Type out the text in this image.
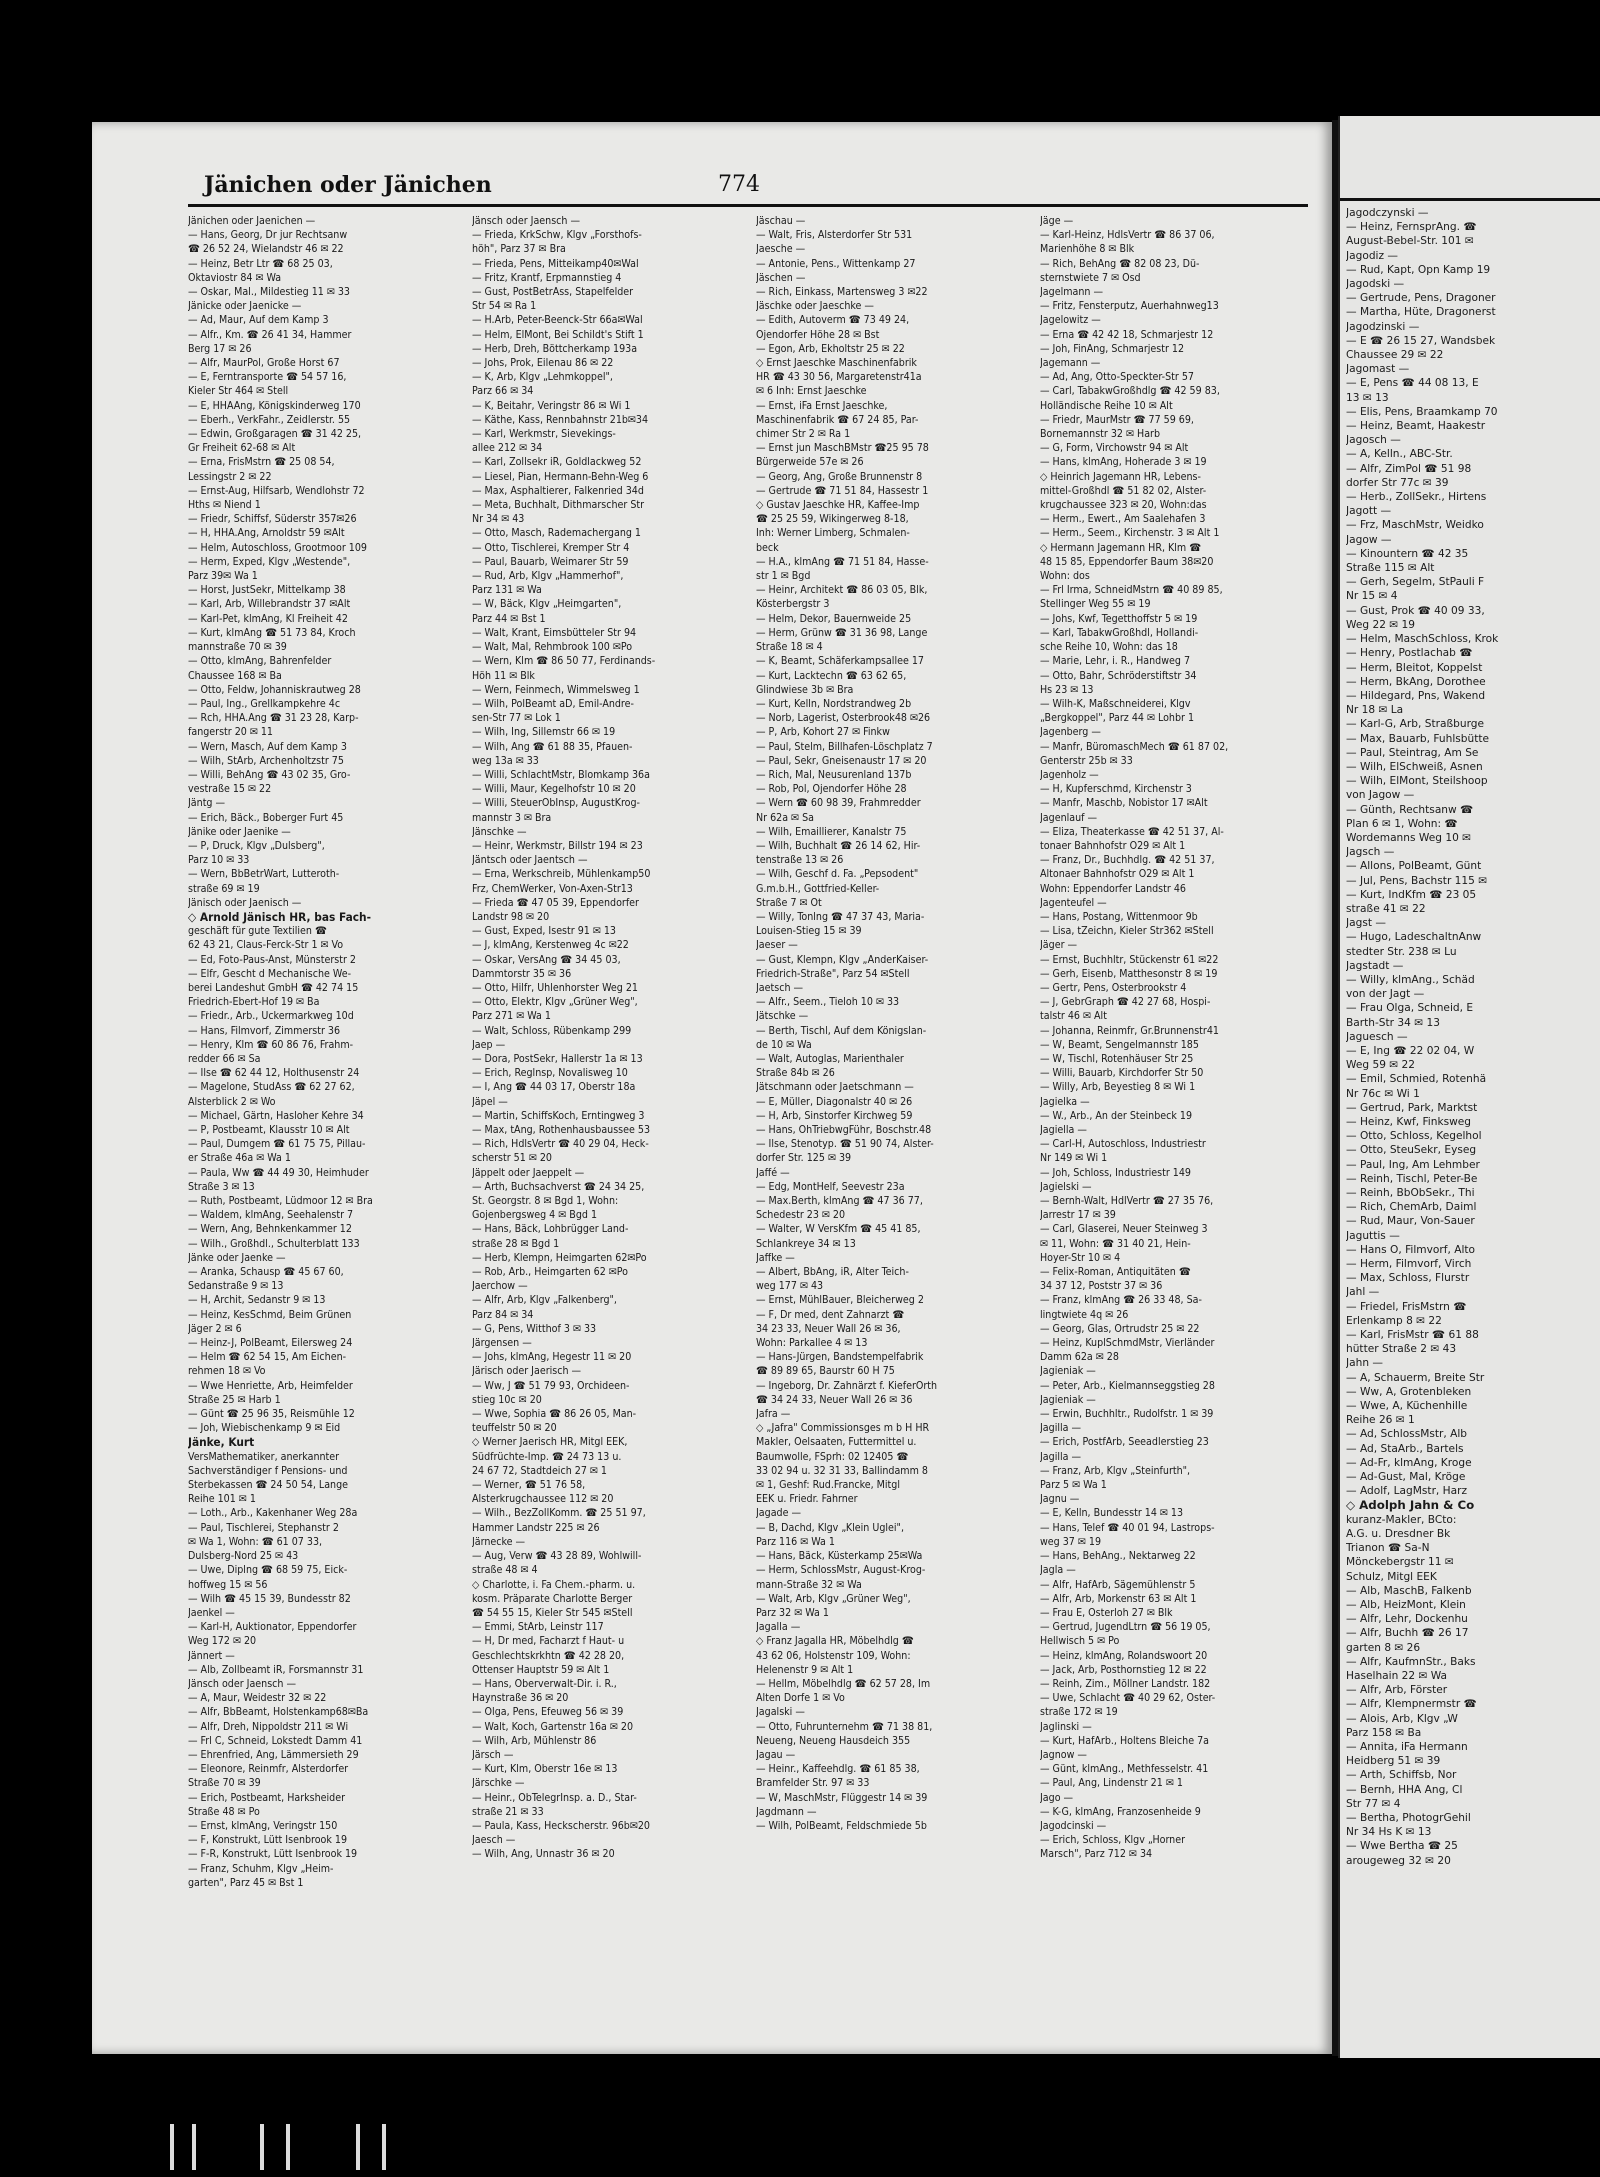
Jänichen oder Jänichen	774
Jänichen oder Jaenichen —
— Hans, Georg, Dr jur Rechtsanw
☎ 26 52 24, Wielandstr 46 ✉ 22
— Heinz, Betr Ltr ☎ 68 25 03,
Oktaviostr 84 ✉ Wa
— Oskar, Mal., Mildestieg 11 ✉ 33
Jänicke oder Jaenicke —
— Ad, Maur, Auf dem Kamp 3
— Alfr., Km. ☎ 26 41 34, Hammer
Berg 17 ✉ 26
— Alfr, MaurPol, Große Horst 67
— E, Ferntransporte ☎ 54 57 16,
Kieler Str 464 ✉ Stell
— E, HHAAng, Königskinderweg 170
— Eberh., VerkFahr., Zeidlerstr. 55
— Edwin, Großgaragen ☎ 31 42 25,
Gr Freiheit 62-68 ✉ Alt
— Erna, FrisMstrn ☎ 25 08 54,
Lessingstr 2 ✉ 22
— Ernst-Aug, Hilfsarb, Wendlohstr 72
Hths ✉ Niend 1
— Friedr, Schiffsf, Süderstr 357✉26
— H, HHA.Ang, Arnoldstr 59 ✉Alt
— Helm, Autoschloss, Grootmoor 109
— Herm, Exped, Klgv „Westende",
Parz 39✉ Wa 1
— Horst, JustSekr, Mittelkamp 38
— Karl, Arb, Willebrandstr 37 ✉Alt
— Karl-Pet, klmAng, Kl Freiheit 42
— Kurt, klmAng ☎ 51 73 84, Kroch
mannstraße 70 ✉ 39
— Otto, klmAng, Bahrenfelder
Chaussee 168 ✉ Ba
— Otto, Feldw, Johanniskrautweg 28
— Paul, Ing., Grellkampkehre 4c
— Rch, HHA.Ang ☎ 31 23 28, Karp-
fangerstr 20 ✉ 11
— Wern, Masch, Auf dem Kamp 3
— Wilh, StArb, Archenholtzstr 75
— Willi, BehAng ☎ 43 02 35, Gro-
vestraße 15 ✉ 22
Jäntg —
— Erich, Bäck., Boberger Furt 45
Jänike oder Jaenike —
— P, Druck, Klgv „Dulsberg",
Parz 10 ✉ 33
— Wern, BbBetrWart, Lutteroth-
straße 69 ✉ 19
Jänisch oder Jaenisch —
◇ Arnold Jänisch HR, bas Fach-
geschäft für gute Textilien ☎
62 43 21, Claus-Ferck-Str 1 ✉ Vo
— Ed, Foto-Paus-Anst, Münsterstr 2
— Elfr, Gescht d Mechanische We-
berei Landeshut GmbH ☎ 42 74 15
Friedrich-Ebert-Hof 19 ✉ Ba
— Friedr., Arb., Uckermarkweg 10d
— Hans, Filmvorf, Zimmerstr 36
— Henry, Klm ☎ 60 86 76, Frahm-
redder 66 ✉ Sa
— Ilse ☎ 62 44 12, Holthusenstr 24
— Magelone, StudAss ☎ 62 27 62,
Alsterblick 2 ✉ Wo
— Michael, Gärtn, Hasloher Kehre 34
— P, Postbeamt, Klausstr 10 ✉ Alt
— Paul, Dumgem ☎ 61 75 75, Pillau-
er Straße 46a ✉ Wa 1
— Paula, Ww ☎ 44 49 30, Heimhuder
Straße 3 ✉ 13
— Ruth, Postbeamt, Lüdmoor 12 ✉ Bra
— Waldem, klmAng, Seehalenstr 7
— Wern, Ang, Behnkenkammer 12
— Wilh., Großhdl., Schulterblatt 133
Jänke oder Jaenke —
— Aranka, Schausp ☎ 45 67 60,
Sedanstraße 9 ✉ 13
— H, Archit, Sedanstr 9 ✉ 13
— Heinz, KesSchmd, Beim Grünen
Jäger 2 ✉ 6
— Heinz-J, PolBeamt, Eilersweg 24
— Helm ☎ 62 54 15, Am Eichen-
rehmen 18 ✉ Vo
— Wwe Henriette, Arb, Heimfelder
Straße 25 ✉ Harb 1
— Günt ☎ 25 96 35, Reismühle 12
— Joh, Wiebischenkamp 9 ✉ Eid
Jänke, Kurt
VersMathematiker, anerkannter
Sachverständiger f Pensions- und
Sterbekassen ☎ 24 50 54, Lange
Reihe 101 ✉ 1
— Loth., Arb., Kakenhaner Weg 28a
— Paul, Tischlerei, Stephanstr 2
✉ Wa 1, Wohn: ☎ 61 07 33,
Dulsberg-Nord 25 ✉ 43
— Uwe, Diplng ☎ 68 59 75, Eick-
hoffweg 15 ✉ 56
— Wilh ☎ 45 15 39, Bundesstr 82
Jaenkel —
— Karl-H, Auktionator, Eppendorfer
Weg 172 ✉ 20
Jännert —
— Alb, Zollbeamt iR, Forsmannstr 31
Jänsch oder Jaensch —
— A, Maur, Weidestr 32 ✉ 22
— Alfr, BbBeamt, Holstenkamp68✉Ba
— Alfr, Dreh, Nippoldstr 211 ✉ Wi
— Frl C, Schneid, Lokstedt Damm 41
— Ehrenfried, Ang, Lämmersieth 29
— Eleonore, Reinmfr, Alsterdorfer
Straße 70 ✉ 39
— Erich, Postbeamt, Harksheider
Straße 48 ✉ Po
— Ernst, klmAng, Veringstr 150
— F, Konstrukt, Lütt Isenbrook 19
— F-R, Konstrukt, Lütt Isenbrook 19
— Franz, Schuhm, Klgv „Heim-
garten", Parz 45 ✉ Bst 1
Jänsch oder Jaensch —
— Frieda, KrkSchw, Klgv „Forsthofs-
höh", Parz 37 ✉ Bra
— Frieda, Pens, Mitteikamp40✉Wal
— Fritz, Krantf, Erpmannstieg 4
— Gust, PostBetrAss, Stapelfelder
Str 54 ✉ Ra 1
— H.Arb, Peter-Beenck-Str 66a✉Wal
— Helm, ElMont, Bei Schildt's Stift 1
— Herb, Dreh, Böttcherkamp 193a
— Johs, Prok, Eilenau 86 ✉ 22
— K, Arb, Klgv „Lehmkoppel",
Parz 66 ✉ 34
— K, Beitahr, Veringstr 86 ✉ Wi 1
— Käthe, Kass, Rennbahnstr 21b✉34
— Karl, Werkmstr, Sievekings-
allee 212 ✉ 34
— Karl, Zollsekr iR, Goldlackweg 52
— Liesel, Pian, Hermann-Behn-Weg 6
— Max, Asphaltierer, Falkenried 34d
— Meta, Buchhalt, Dithmarscher Str
Nr 34 ✉ 43
— Otto, Masch, Rademachergang 1
— Otto, Tischlerei, Kremper Str 4
— Paul, Bauarb, Weimarer Str 59
— Rud, Arb, Klgv „Hammerhof",
Parz 131 ✉ Wa
— W, Bäck, Klgv „Heimgarten",
Parz 44 ✉ Bst 1
— Walt, Krant, Eimsbütteler Str 94
— Walt, Mal, Rehmbrook 100 ✉Po
— Wern, Klm ☎ 86 50 77, Ferdinands-
Höh 11 ✉ Blk
— Wern, Feinmech, Wimmelsweg 1
— Wilh, PolBeamt aD, Emil-Andre-
sen-Str 77 ✉ Lok 1
— Wilh, Ing, Sillemstr 66 ✉ 19
— Wilh, Ang ☎ 61 88 35, Pfauen-
weg 13a ✉ 33
— Willi, SchlachtMstr, Blomkamp 36a
— Willi, Maur, Kegelhofstr 10 ✉ 20
— Willi, SteuerObInsp, AugustKrog-
mannstr 3 ✉ Bra
Jänschke —
— Heinr, Werkmstr, Billstr 194 ✉ 23
Jäntsch oder Jaentsch —
— Erna, Werkschreib, Mühlenkamp50
Frz, ChemWerker, Von-Axen-Str13
— Frieda ☎ 47 05 39, Eppendorfer
Landstr 98 ✉ 20
— Gust, Exped, Isestr 91 ✉ 13
— J, klmAng, Kerstenweg 4c ✉22
— Oskar, VersAng ☎ 34 45 03,
Dammtorstr 35 ✉ 36
— Otto, Hilfr, Uhlenhorster Weg 21
— Otto, Elektr, Klgv „Grüner Weg",
Parz 271 ✉ Wa 1
— Walt, Schloss, Rübenkamp 299
Jaep —
— Dora, PostSekr, Hallerstr 1a ✉ 13
— Erich, Reglnsp, Novalisweg 10
— I, Ang ☎ 44 03 17, Oberstr 18a
Jäpel —
— Martin, SchiffsKoch, Erntingweg 3
— Max, tAng, Rothenhausbaussee 53
— Rich, HdlsVertr ☎ 40 29 04, Heck-
scherstr 51 ✉ 20
Jäppelt oder Jaeppelt —
— Arth, Buchsachverst ☎ 24 34 25,
St. Georgstr. 8 ✉ Bgd 1, Wohn:
Gojenbergsweg 4 ✉ Bgd 1
— Hans, Bäck, Lohbrügger Land-
straße 28 ✉ Bgd 1
— Herb, Klempn, Heimgarten 62✉Po
— Rob, Arb., Heimgarten 62 ✉Po
Jaerchow —
— Alfr, Arb, Klgv „Falkenberg",
Parz 84 ✉ 34
— G, Pens, Witthof 3 ✉ 33
Järgensen —
— Johs, klmAng, Hegestr 11 ✉ 20
Järisch oder Jaerisch —
— Ww, J ☎ 51 79 93, Orchideen-
stieg 10c ✉ 20
— Wwe, Sophia ☎ 86 26 05, Man-
teuffelstr 50 ✉ 20
◇ Werner Jaerisch HR, Mitgl EEK,
Südfrüchte-Imp. ☎ 24 73 13 u.
24 67 72, Stadtdeich 27 ✉ 1
— Werner, ☎ 51 76 58,
Alsterkrugchaussee 112 ✉ 20
— Wilh., BezZollKomm. ☎ 25 51 97,
Hammer Landstr 225 ✉ 26
Järnecke —
— Aug, Verw ☎ 43 28 89, Wohlwill-
straße 48 ✉ 4
◇ Charlotte, i. Fa Chem.-pharm. u.
kosm. Präparate Charlotte Berger
☎ 54 55 15, Kieler Str 545 ✉Stell
— Emmi, StArb, Leinstr 117
— H, Dr med, Facharzt f Haut- u
Geschlechtskrkhtn ☎ 42 28 20,
Ottenser Hauptstr 59 ✉ Alt 1
— Hans, Oberverwalt-Dir. i. R.,
Haynstraße 36 ✉ 20
— Olga, Pens, Efeuweg 56 ✉ 39
— Walt, Koch, Gartenstr 16a ✉ 20
— Wilh, Arb, Mühlenstr 86
Järsch —
— Kurt, Klm, Oberstr 16e ✉ 13
Järschke —
— Heinr., ObTelegrInsp. a. D., Star-
straße 21 ✉ 33
— Paula, Kass, Heckscherstr. 96b✉20
Jaesch —
— Wilh, Ang, Unnastr 36 ✉ 20
Jäschau —
— Walt, Fris, Alsterdorfer Str 531
Jaesche —
— Antonie, Pens., Wittenkamp 27
Jäschen —
— Rich, Einkass, Martensweg 3 ✉22
Jäschke oder Jaeschke —
— Edith, Autoverm ☎ 73 49 24,
Ojendorfer Höhe 28 ✉ Bst
— Egon, Arb, Ekholtstr 25 ✉ 22
◇ Ernst Jaeschke Maschinenfabrik
HR ☎ 43 30 56, Margaretenstr41a
✉ 6 Inh: Ernst Jaeschke
— Ernst, iFa Ernst Jaeschke,
Maschinenfabrik ☎ 67 24 85, Par-
chimer Str 2 ✉ Ra 1
— Ernst jun MaschBMstr ☎25 95 78
Bürgerweide 57e ✉ 26
— Georg, Ang, Große Brunnenstr 8
— Gertrude ☎ 71 51 84, Hassestr 1
◇ Gustav Jaeschke HR, Kaffee-Imp
☎ 25 25 59, Wikingerweg 8-18,
Inh: Werner Limberg, Schmalen-
beck
— H.A., klmAng ☎ 71 51 84, Hasse-
str 1 ✉ Bgd
— Heinr, Architekt ☎ 86 03 05, Blk,
Kösterbergstr 3
— Helm, Dekor, Bauernweide 25
— Herm, Grünw ☎ 31 36 98, Lange
Straße 18 ✉ 4
— K, Beamt, Schäferkampsallee 17
— Kurt, Lacktechn ☎ 63 62 65,
Glindwiese 3b ✉ Bra
— Kurt, Kelln, Nordstrandweg 2b
— Norb, Lagerist, Osterbrook48 ✉26
— P, Arb, Kohort 27 ✉ Finkw
— Paul, Stelm, Billhafen-Löschplatz 7
— Paul, Sekr, Gneisenaustr 17 ✉ 20
— Rich, Mal, Neusurenland 137b
— Rob, Pol, Ojendorfer Höhe 28
— Wern ☎ 60 98 39, Frahmredder
Nr 62a ✉ Sa
— Wilh, Emaillierer, Kanalstr 75
— Wilh, Buchhalt ☎ 26 14 62, Hir-
tenstraße 13 ✉ 26
— Wilh, Geschf d. Fa. „Pepsodent"
G.m.b.H., Gottfried-Keller-
Straße 7 ✉ Ot
— Willy, Tonlng ☎ 47 37 43, Maria-
Louisen-Stieg 15 ✉ 39
Jaeser —
— Gust, Klempn, Klgv „AnderKaiser-
Friedrich-Straße", Parz 54 ✉Stell
Jaetsch —
— Alfr., Seem., Tieloh 10 ✉ 33
Jätschke —
— Berth, Tischl, Auf dem Königslan-
de 10 ✉ Wa
— Walt, Autoglas, Marienthaler
Straße 84b ✉ 26
Jätschmann oder Jaetschmann —
— E, Müller, Diagonalstr 40 ✉ 26
— H, Arb, Sinstorfer Kirchweg 59
— Hans, OhTriebwgFühr, Boschstr.48
— Ilse, Stenotyp. ☎ 51 90 74, Alster-
dorfer Str. 125 ✉ 39
Jaffé —
— Edg, MontHelf, Seevestr 23a
— Max.Berth, klmAng ☎ 47 36 77,
Schedestr 23 ✉ 20
— Walter, W VersKfm ☎ 45 41 85,
Schlankreye 34 ✉ 13
Jaffke —
— Albert, BbAng, iR, Alter Teich-
weg 177 ✉ 43
— Ernst, MühlBauer, Bleicherweg 2
— F, Dr med, dent Zahnarzt ☎
34 23 33, Neuer Wall 26 ✉ 36,
Wohn: Parkallee 4 ✉ 13
— Hans-Jürgen, Bandstempelfabrik
☎ 89 89 65, Baurstr 60 H 75
— Ingeborg, Dr. Zahnärzt f. KieferOrth
☎ 34 24 33, Neuer Wall 26 ✉ 36
Jafra —
◇ „Jafra" Commissionsges m b H HR
Makler, Oelsaaten, Futtermittel u.
Baumwolle, FSprh: 02 12405 ☎
33 02 94 u. 32 31 33, Ballindamm 8
✉ 1, Geshf: Rud.Francke, Mitgl
EEK u. Friedr. Fahrner
Jagade —
— B, Dachd, Klgv „Klein Uglei",
Parz 116 ✉ Wa 1
— Hans, Bäck, Küsterkamp 25✉Wa
— Herm, SchlossMstr, August-Krog-
mann-Straße 32 ✉ Wa
— Walt, Arb, Klgv „Grüner Weg",
Parz 32 ✉ Wa 1
Jagalla —
◇ Franz Jagalla HR, Möbelhdlg ☎
43 62 06, Holstenstr 109, Wohn:
Helenenstr 9 ✉ Alt 1
— Hellm, Möbelhdlg ☎ 62 57 28, Im
Alten Dorfe 1 ✉ Vo
Jagalski —
— Otto, Fuhrunternehm ☎ 71 38 81,
Neueng, Neueng Hausdeich 355
Jagau —
— Heinr., Kaffeehdlg. ☎ 61 85 38,
Bramfelder Str. 97 ✉ 33
— W, MaschMstr, Flüggestr 14 ✉ 39
Jagdmann —
— Wilh, PolBeamt, Feldschmiede 5b
Jäge —
— Karl-Heinz, HdlsVertr ☎ 86 37 06,
Marienhöhe 8 ✉ Blk
— Rich, BehAng ☎ 82 08 23, Dü-
sternstwiete 7 ✉ Osd
Jagelmann —
— Fritz, Fensterputz, Auerhahnweg13
Jagelowitz —
— Erna ☎ 42 42 18, Schmarjestr 12
— Joh, FinAng, Schmarjestr 12
Jagemann —
— Ad, Ang, Otto-Speckter-Str 57
— Carl, TabakwGroßhdlg ☎ 42 59 83,
Holländische Reihe 10 ✉ Alt
— Friedr, MaurMstr ☎ 77 59 69,
Bornemannstr 32 ✉ Harb
— G, Form, Virchowstr 94 ✉ Alt
— Hans, klmAng, Hoheradе 3 ✉ 19
◇ Heinrich Jagemann HR, Lebens-
mittel-Großhdl ☎ 51 82 02, Alster-
krugchaussee 323 ✉ 20, Wohn:das
— Herm., Ewert., Am Saalehafen 3
— Herm., Seem., Kirchenstr. 3 ✉ Alt 1
◇ Hermann Jagemann HR, Klm ☎
48 15 85, Eppendorfer Baum 38✉20
Wohn: dos
— Frl Irma, SchneidMstrn ☎ 40 89 85,
Stellinger Weg 55 ✉ 19
— Johs, Kwf, Tegetthoffstr 5 ✉ 19
— Karl, TabakwGroßhdl, Hollandi-
sche Reihe 10, Wohn: das 18
— Marie, Lehr, i. R., Handweg 7
— Otto, Bahr, Schröderstiftstr 34
Hs 23 ✉ 13
— Wilh-K, Maßschneiderei, Klgv
„Bergkoppel", Parz 44 ✉ Lohbr 1
Jagenberg —
— Manfr, BüromaschMech ☎ 61 87 02,
Genterstr 25b ✉ 33
Jagenholz —
— H, Kupferschmd, Kirchenstr 3
— Manfr, Maschb, Nobistor 17 ✉Alt
Jagenlauf —
— Eliza, Theaterkasse ☎ 42 51 37, Al-
tonaer Bahnhofstr O29 ✉ Alt 1
— Franz, Dr., Buchhdlg. ☎ 42 51 37,
Altonaer Bahnhofstr O29 ✉ Alt 1
Wohn: Eppendorfer Landstr 46
Jagenteufel —
— Hans, Postang, Wittenmoor 9b
— Lisa, tZeichn, Kieler Str362 ✉Stell
Jäger —
— Ernst, Buchhltr, Stückenstr 61 ✉22
— Gerh, Eisenb, Matthesonstr 8 ✉ 19
— Gertr, Pens, Osterbrookstr 4
— J, GebrGraph ☎ 42 27 68, Hospi-
talstr 46 ✉ Alt
— Johanna, Reinmfr, Gr.Brunnenstr41
— W, Beamt, Sengelmannstr 185
— W, Tischl, Rotenhäuser Str 25
— Willi, Bauarb, Kirchdorfer Str 50
— Willy, Arb, Beyestieg 8 ✉ Wi 1
Jagielka —
— W., Arb., An der Steinbeck 19
Jagiella —
— Carl-H, Autoschloss, Industriestr
Nr 149 ✉ Wi 1
— Joh, Schloss, Industriestr 149
Jagielski —
— Bernh-Walt, HdlVertr ☎ 27 35 76,
Jarrestr 17 ✉ 39
— Carl, Glaserei, Neuer Steinweg 3
✉ 11, Wohn: ☎ 31 40 21, Hein-
Hoyer-Str 10 ✉ 4
— Felix-Roman, Antiquitäten ☎
34 37 12, Poststr 37 ✉ 36
— Franz, klmAng ☎ 26 33 48, Sa-
lingtwiete 4q ✉ 26
— Georg, Glas, Ortrudstr 25 ✉ 22
— Heinz, KuplSchmdMstr, Vierländer
Damm 62a ✉ 28
Jagieniak —
— Peter, Arb., Kielmannseggstieg 28
Jagieniak —
— Erwin, Buchhltr., Rudolfstr. 1 ✉ 39
Jagilla —
— Erich, PostfArb, Seeadlerstieg 23
Jagilla —
— Franz, Arb, Klgv „Steinfurth",
Parz 5 ✉ Wa 1
Jagnu —
— E, Kelln, Bundesstr 14 ✉ 13
— Hans, Telef ☎ 40 01 94, Lastrops-
weg 37 ✉ 19
— Hans, BehAng., Nektarweg 22
Jagla —
— Alfr, HafArb, Sägemühlenstr 5
— Alfr, Arb, Morkenstr 63 ✉ Alt 1
— Frau E, Osterloh 27 ✉ Blk
— Gertrud, JugendLtrn ☎ 56 19 05,
Hellwisch 5 ✉ Po
— Heinz, klmAng, Rolandswoort 20
— Jack, Arb, Posthornstieg 12 ✉ 22
— Reinh, Zim., Möllner Landstr. 182
— Uwe, Schlacht ☎ 40 29 62, Oster-
straße 172 ✉ 19
Jaglinski —
— Kurt, HafArb., Holtens Bleiche 7a
Jagnow —
— Günt, klmAng., Methfesselstr. 41
— Paul, Ang, Lindenstr 21 ✉ 1
Jago —
— K-G, klmAng, Franzosenheide 9
Jagodcinski —
— Erich, Schloss, Klgv „Horner
Marsch", Parz 712 ✉ 34
Jagodczynski —
— Heinz, FernsprAng. ☎
August-Bebel-Str. 101 ✉
Jagodiz —
— Rud, Kapt, Opn Kamp 19
Jagodski —
— Gertrude, Pens, Dragoner
— Martha, Hüte, Dragonerst
Jagodzinski —
— E ☎ 26 15 27, Wandsbek
Chaussee 29 ✉ 22
Jagomast —
— E, Pens ☎ 44 08 13, E
13 ✉ 13
— Elis, Pens, Braamkamp 70
— Heinz, Beamt, Haakestr
Jagosch —
— A, Kelln., ABC-Str.
— Alfr, ZimPol ☎ 51 98
dorfer Str 77c ✉ 39
— Herb., ZollSekr., Hirtens
Jagott —
— Frz, MaschMstr, Weidko
Jagow —
— Kinountern ☎ 42 35
Straße 115 ✉ Alt
— Gerh, Segelm, StPauli F
Nr 15 ✉ 4
— Gust, Prok ☎ 40 09 33,
Weg 22 ✉ 19
— Helm, MaschSchloss, Krok
— Henry, Postlachab ☎
— Herm, Bleitot, Koppelst
— Herm, BkAng, Dorothee
— Hildegard, Pns, Wakend
Nr 18 ✉ La
— Karl-G, Arb, Straßburge
— Max, Bauarb, Fuhlsbütte
— Paul, Steintrag, Am Se
— Wilh, ElSchweiß, Asnen
— Wilh, ElMont, Steilshoop
von Jagow —
— Günth, Rechtsanw ☎
Plan 6 ✉ 1, Wohn: ☎
Wordemanns Weg 10 ✉
Jagsch —
— Allons, PolBeamt, Günt
— Jul, Pens, Bachstr 115 ✉
— Kurt, IndKfm ☎ 23 05
straße 41 ✉ 22
Jagst —
— Hugo, LadeschaltnAnw
stedter Str. 238 ✉ Lu
Jagstadt —
— Willy, klmAng., Schäd
von der Jagt —
— Frau Olga, Schneid, E
Barth-Str 34 ✉ 13
Jaguesch —
— E, Ing ☎ 22 02 04, W
Weg 59 ✉ 22
— Emil, Schmied, Rotenhä
Nr 76c ✉ Wi 1
— Gertrud, Park, Marktst
— Heinz, Kwf, Finksweg
— Otto, Schloss, Kegelhol
— Otto, SteuSekr, Eyseg
— Paul, Ing, Am Lehmber
— Reinh, Tischl, Peter-Be
— Reinh, BbObSekr., Thi
— Rich, ChemArb, Daiml
— Rud, Maur, Von-Sauer
Jaguttis —
— Hans O, Filmvorf, Alto
— Herm, Filmvorf, Virch
— Max, Schloss, Flurstr
Jahl —
— Friedel, FrisMstrn ☎
Erlenkamp 8 ✉ 22
— Karl, FrisMstr ☎ 61 88
hütter Straße 2 ✉ 43
Jahn —
— A, Schauerm, Breite Str
— Ww, A, Grotenbleken
— Wwe, A, Küchenhille
Reihe 26 ✉ 1
— Ad, SchlossMstr, Alb
— Ad, StaArb., Bartels
— Ad-Fr, klmAng, Kroge
— Ad-Gust, Mal, Kröge
— Adolf, LagMstr, Harz
◇ Adolph Jahn & Co
kuranz-Makler, BCto:
A.G. u. Dresdner Bk
Trianon ☎ Sa-N
Mönckebergstr 11 ✉
Schulz, Mitgl EEK
— Alb, MaschB, Falkenb
— Alb, HeizMont, Klein
— Alfr, Lehr, Dockenhu
— Alfr, Buchh ☎ 26 17
garten 8 ✉ 26
— Alfr, KaufmnStr., Baks
Haselhain 22 ✉ Wa
— Alfr, Arb, Förster
— Alfr, Klempnermstr ☎
— Alois, Arb, Klgv „W
Parz 158 ✉ Ba
— Annita, iFa Hermann
Heidberg 51 ✉ 39
— Arth, Schiffsb, Nor
— Bernh, HHA Ang, Cl
Str 77 ✉ 4
— Bertha, PhotogrGehil
Nr 34 Hs K ✉ 13
— Wwe Bertha ☎ 25
arougeweg 32 ✉ 20
